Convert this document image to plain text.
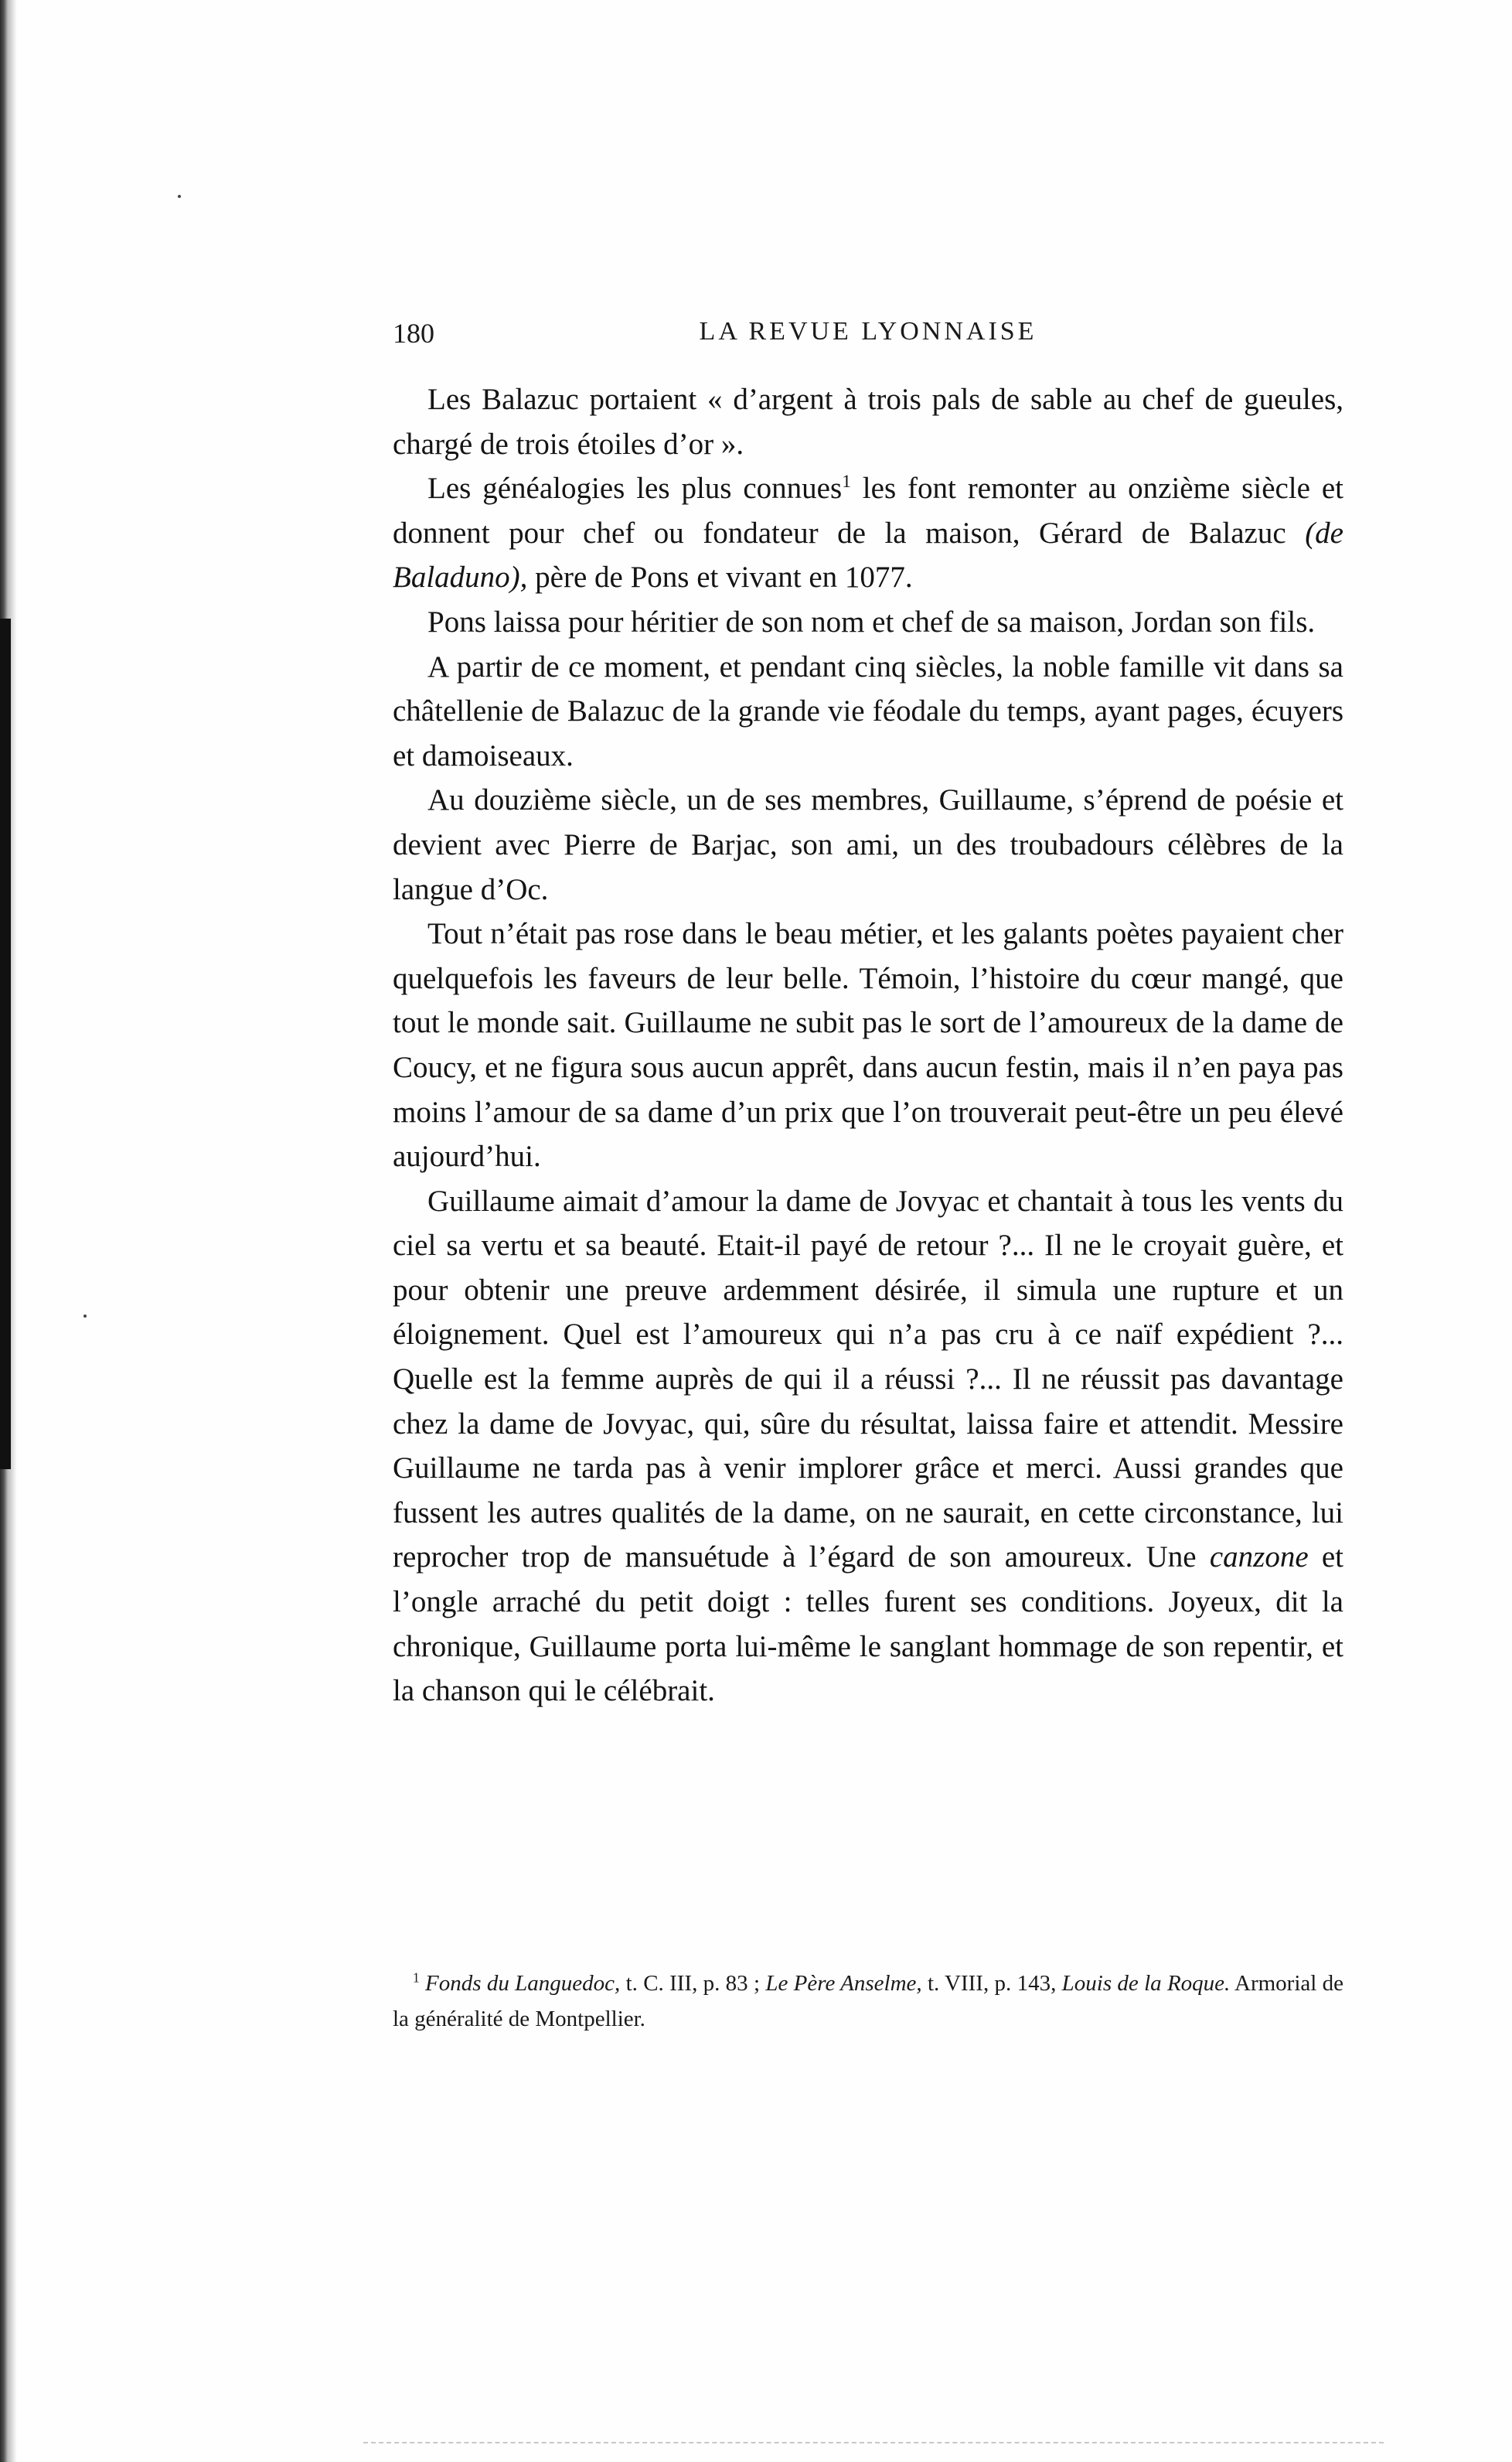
180	LA REVUE LYONNAISE

Les Balazuc portaient « d’argent à trois pals de sable au chef de gueules, chargé de trois étoiles d’or ».

Les généalogies les plus connues$^1$ les font remonter au onzième siècle et donnent pour chef ou fondateur de la maison, Gérard de Balazuc (de Baladuno), père de Pons et vivant en 1077.

Pons laissa pour héritier de son nom et chef de sa maison, Jordan son fils.

A partir de ce moment, et pendant cinq siècles, la noble famille vit dans sa châtellenie de Balazuc de la grande vie féodale du temps, ayant pages, écuyers et damoiseaux.

Au douzième siècle, un de ses membres, Guillaume, s’éprend de poésie et devient avec Pierre de Barjac, son ami, un des troubadours célèbres de la langue d’Oc.

Tout n’était pas rose dans le beau métier, et les galants poètes payaient cher quelquefois les faveurs de leur belle. Témoin, l’histoire du cœur mangé, que tout le monde sait. Guillaume ne subit pas le sort de l’amoureux de la dame de Coucy, et ne figura sous aucun apprêt, dans aucun festin, mais il n’en paya pas moins l’amour de sa dame d’un prix que l’on trouverait peut-être un peu élevé aujourd’hui.

Guillaume aimait d’amour la dame de Jovyac et chantait à tous les vents du ciel sa vertu et sa beauté. Etait-il payé de retour ?... Il ne le croyait guère, et pour obtenir une preuve ardemment désirée, il simula une rupture et un éloignement. Quel est l’amoureux qui n’a pas cru à ce naïf expédient ?... Quelle est la femme auprès de qui il a réussi ?... Il ne réussit pas davantage chez la dame de Jovyac, qui, sûre du résultat, laissa faire et attendit. Messire Guillaume ne tarda pas à venir implorer grâce et merci. Aussi grandes que fussent les autres qualités de la dame, on ne saurait, en cette circonstance, lui reprocher trop de mansuétude à l’égard de son amoureux. Une canzone et l’ongle arraché du petit doigt : telles furent ses conditions. Joyeux, dit la chronique, Guillaume porta lui-même le sanglant hommage de son repentir, et la chanson qui le célébrait.

$^1$ Fonds du Languedoc, t. C. III, p. 83 ; Le Père Anselme, t. VIII, p. 143, Louis de la Roque. Armorial de la généralité de Montpellier.
